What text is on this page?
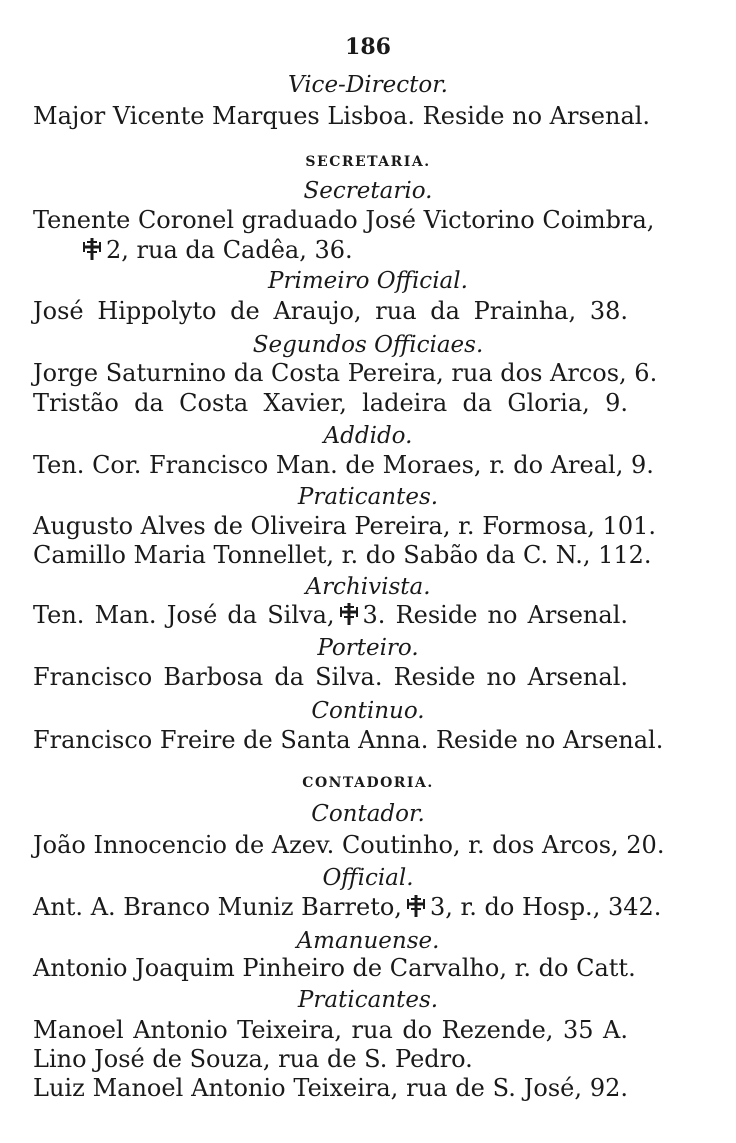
186
Vice-Director.
Major Vicente Marques Lisboa. Reside no Arsenal.
SECRETARIA.
Secretario.
Tenente Coronel graduado José Victorino Coimbra,
2, rua da Cadêa, 36.
Primeiro Official.
José Hippolyto de Araujo, rua da Prainha, 38.
Segundos Officiaes.
Jorge Saturnino da Costa Pereira, rua dos Arcos, 6.
Tristão da Costa Xavier, ladeira da Gloria, 9.
Addido.
Ten. Cor. Francisco Man. de Moraes, r. do Areal, 9.
Praticantes.
Augusto Alves de Oliveira Pereira, r. Formosa, 101.
Camillo Maria Tonnellet, r. do Sabão da C. N., 112.
Archivista.
Ten. Man. José da Silva, 3. Reside no Arsenal.
Porteiro.
Francisco Barbosa da Silva. Reside no Arsenal.
Continuo.
Francisco Freire de Santa Anna. Reside no Arsenal.
CONTADORIA.
Contador.
João Innocencio de Azev. Coutinho, r. dos Arcos, 20.
Official.
Ant. A. Branco Muniz Barreto, 3, r. do Hosp., 342.
Amanuense.
Antonio Joaquim Pinheiro de Carvalho, r. do Catt.
Praticantes.
Manoel Antonio Teixeira, rua do Rezende, 35 A.
Lino José de Souza, rua de S. Pedro.
Luiz Manoel Antonio Teixeira, rua de S. José, 92.
